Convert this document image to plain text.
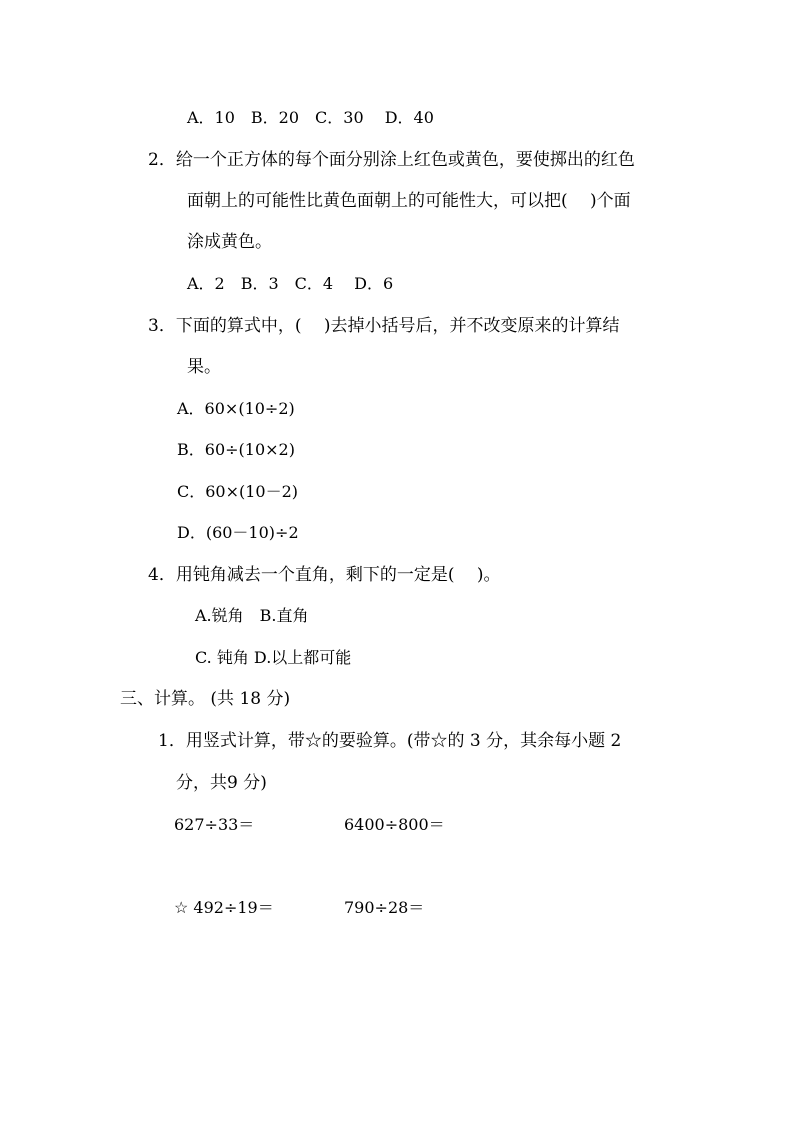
A．10　B．20　C．30　 D．40
2．给一个正方体的每个面分别涂上红色或黄色，要使掷出的红色
面朝上的可能性比黄色面朝上的可能性大，可以把(　 )个面
涂成黄色。
A．2　B．3　C．4　 D．6
3．下面的算式中，(　 )去掉小括号后，并不改变原来的计算结
果。
A．60×(10÷2)
B．60÷(10×2)
C．60×(10－2)
D．(60－10)÷2
4．用钝角减去一个直角，剩下的一定是(　 )。
A.锐角　B.直角
C. 钝角 D.以上都可能
三、计算。 (共 18 分)
1．用竖式计算，带☆的要验算。(带☆的 3 分，其余每小题 2
分，共9 分)
627÷33＝	6400÷800＝
☆ 492÷19＝	790÷28＝
